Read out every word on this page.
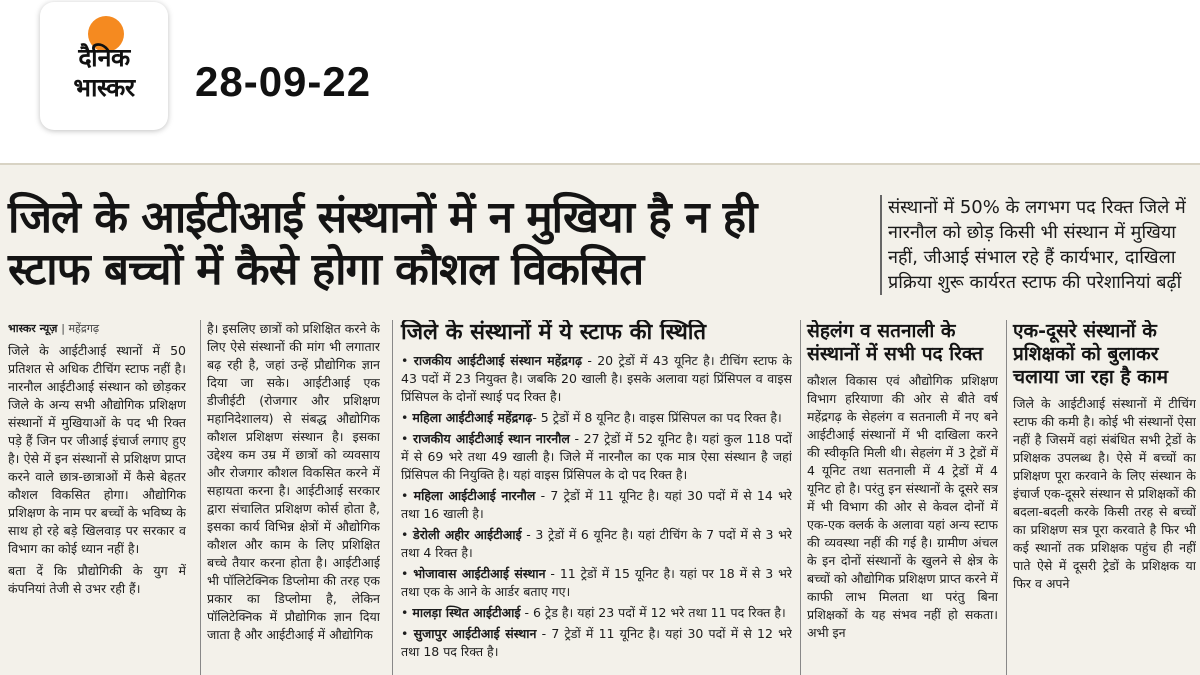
दैनिक
भास्कर	28-09-22
जिले के आईटीआई संस्थानों में न मुखिया है न ही स्टाफ बच्चों में कैसे होगा कौशल विकसित
संस्थानों में 50% के लगभग पद रिक्त जिले में नारनौल को छोड़ किसी भी संस्थान में मुखिया नहीं, जीआई संभाल रहे हैं कार्यभार, दाखिला प्रक्रिया शुरू कार्यरत स्टाफ की परेशानियां बढ़ीं
भास्कर न्यूज़ | महेंद्रगढ़

जिले के आईटीआई स्थानों में 50 प्रतिशत से अधिक टीचिंग स्टाफ नहीं है। नारनौल आईटीआई संस्थान को छोड़कर जिले के अन्य सभी औद्योगिक प्रशिक्षण संस्थानों में मुखियाओं के पद भी रिक्त पड़े हैं जिन पर जीआई इंचार्ज लगाए हुए है। ऐसे में इन संस्थानों से प्रशिक्षण प्राप्त करने वाले छात्र-छात्राओं में कैसे बेहतर कौशल विकसित होगा। औद्योगिक प्रशिक्षण के नाम पर बच्चों के भविष्य के साथ हो रहे बड़े खिलवाड़ पर सरकार व विभाग का कोई ध्यान नहीं है।

बता दें कि प्रौद्योगिकी के युग में कंपनियां तेजी से उभर रही हैं।

है। इसलिए छात्रों को प्रशिक्षित करने के लिए ऐसे संस्थानों की मांग भी लगातार बढ़ रही है, जहां उन्हें प्रौद्योगिक ज्ञान दिया जा सके। आईटीआई एक डीजीईटी (रोजगार और प्रशिक्षण महानिदेशालय) से संबद्ध औद्योगिक कौशल प्रशिक्षण संस्थान है। इसका उद्देश्य कम उम्र में छात्रों को व्यवसाय और रोजगार कौशल विकसित करने में सहायता करना है। आईटीआई सरकार द्वारा संचालित प्रशिक्षण कोर्स होता है, इसका कार्य विभिन्न क्षेत्रों में औद्योगिक कौशल और काम के लिए प्रशिक्षित बच्चे तैयार करना होता है। आईटीआई भी पॉलिटेक्निक डिप्लोमा की तरह एक प्रकार का डिप्लोमा है, लेकिन पॉलिटेक्निक में प्रौद्योगिक ज्ञान दिया जाता है और आईटीआई में औद्योगिक

जिले के संस्थानों में ये स्टाफ की स्थिति
• राजकीय आईटीआई संस्थान महेंद्रगढ़ - 20 ट्रेडों में 43 यूनिट है। टीचिंग स्टाफ के 43 पदों में 23 नियुक्त है। जबकि 20 खाली है। इसके अलावा यहां प्रिंसिपल व वाइस प्रिंसिपल के दोनों स्थाई पद रिक्त है।
• महिला आईटीआई महेंद्रगढ़- 5 ट्रेडों में 8 यूनिट है। वाइस प्रिंसिपल का पद रिक्त है।
• राजकीय आईटीआई स्थान नारनौल - 27 ट्रेडों में 52 यूनिट है। यहां कुल 118 पदों में से 69 भरे तथा 49 खाली है। जिले में नारनौल का एक मात्र ऐसा संस्थान है जहां प्रिंसिपल की नियुक्ति है। यहां वाइस प्रिंसिपल के दो पद रिक्त है।
• महिला आईटीआई नारनौल - 7 ट्रेडों में 11 यूनिट है। यहां 30 पदों में से 14 भरे तथा 16 खाली है।
• डेरोली अहीर आईटीआई - 3 ट्रेडों में 6 यूनिट है। यहां टीचिंग के 7 पदों में से 3 भरे तथा 4 रिक्त है।
• भोजावास आईटीआई संस्थान - 11 ट्रेडों में 15 यूनिट है। यहां पर 18 में से 3 भरे तथा एक के आने के आर्डर बताए गए।
• मालड़ा स्थित आईटीआई - 6 ट्रेड है। यहां 23 पदों में 12 भरे तथा 11 पद रिक्त है।
• सुजापुर आईटीआई संस्थान - 7 ट्रेडों में 11 यूनिट है। यहां 30 पदों में से 12 भरे तथा 18 पद रिक्त है।
सेहलंग व सतनाली के संस्थानों में सभी पद रिक्त

कौशल विकास एवं औद्योगिक प्रशिक्षण विभाग हरियाणा की ओर से बीते वर्ष महेंद्रगढ़ के सेहलंग व सतनाली में नए बने आईटीआई संस्थानों में भी दाखिला करने की स्वीकृति मिली थी। सेहलंग में 3 ट्रेडों में 4 यूनिट तथा सतनाली में 4 ट्रेडों में 4 यूनिट हो है। परंतु इन संस्थानों के दूसरे सत्र में भी विभाग की ओर से केवल दोनों में एक-एक क्लर्क के अलावा यहां अन्य स्टाफ की व्यवस्था नहीं की गई है। ग्रामीण अंचल के इन दोनों संस्थानों के खुलने से क्षेत्र के बच्चों को औद्योगिक प्रशिक्षण प्राप्त करने में काफी लाभ मिलता था परंतु बिना प्रशिक्षकों के यह संभव नहीं हो सकता। अभी इन

एक-दूसरे संस्थानों के प्रशिक्षकों को बुलाकर चलाया जा रहा है काम

जिले के आईटीआई संस्थानों में टीचिंग स्टाफ की कमी है। कोई भी संस्थानों ऐसा नहीं है जिसमें वहां संबंधित सभी ट्रेडों के प्रशिक्षक उपलब्ध है। ऐसे में बच्चों का प्रशिक्षण पूरा करवाने के लिए संस्थान के इंचार्ज एक-दूसरे संस्थान से प्रशिक्षकों की बदला-बदली करके किसी तरह से बच्चों का प्रशिक्षण सत्र पूरा करवाते है फिर भी कई स्थानों तक प्रशिक्षक पहुंच ही नहीं पाते ऐसे में दूसरी ट्रेडों के प्रशिक्षक या फिर व अपने
